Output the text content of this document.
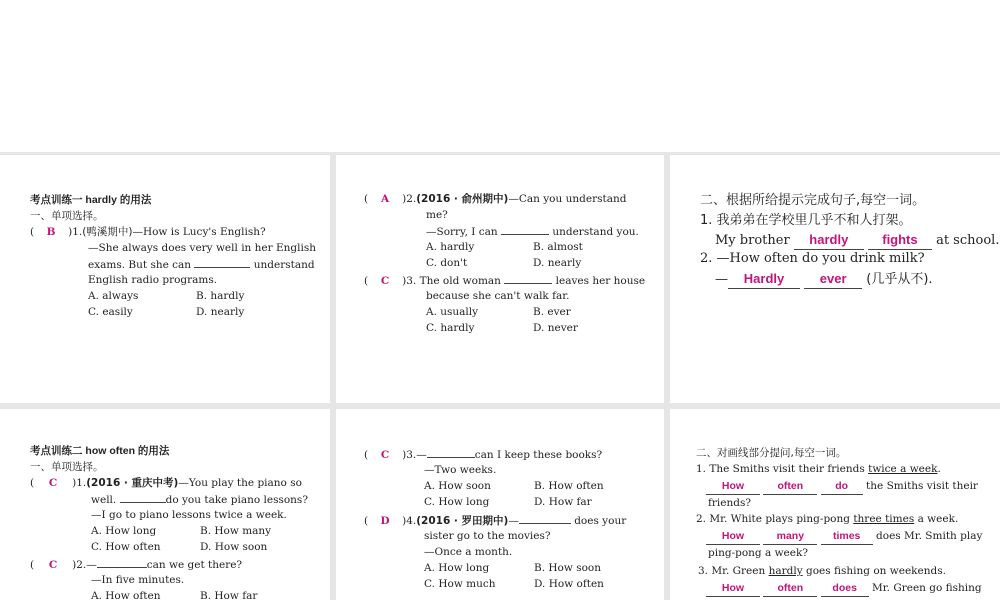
考点训练一 hardly 的用法
一、单项选择。
( B )1.(鸭溪期中)—How is Lucy's English?
—She always does very well in her English
exams. But she can	understand
English radio programs.
A. always	B. hardly
C. easily	D. nearly
( A )2.(2016 · 俞州期中)—Can you understand
me?
—Sorry, I can	understand you.
A. hardly	B. almost
C. don't	D. nearly
( C )3. The old woman	leaves her house
because she can't walk far.
A. usually	B. ever
C. hardly	D. never
二、根据所给提示完成句子,每空一词。
1. 我弟弟在学校里几乎不和人打架。
My brother hardly	fights at school.
2. —How often do you drink milk?
— Hardly	ever (几乎从不).
考点训练二 how often 的用法
一、单项选择。
( C )1.(2016 · 重庆中考)—You play the piano so
well.	do you take piano lessons?
—I go to piano lessons twice a week.
A. How long	B. How many
C. How often	D. How soon
( C )2.—	can we get there?
—In five minutes.
A. How often	B. How far
( C )3.—	can I keep these books?
—Two weeks.
A. How soon	B. How often
C. How long	D. How far
( D )4.(2016 · 罗田期中)—	does your
sister go to the movies?
—Once a month.
A. How long	B. How soon
C. How much	D. How often
二、对画线部分提问,每空一词。
1. The Smiths visit their friends twice a week.
How	often	do the Smiths visit their
friends?
2. Mr. White plays ping-pong three times a week.
How	many	times does Mr. Smith play
ping-pong a week?
3. Mr. Green hardly goes fishing on weekends.
How	often	does Mr. Green go fishing
